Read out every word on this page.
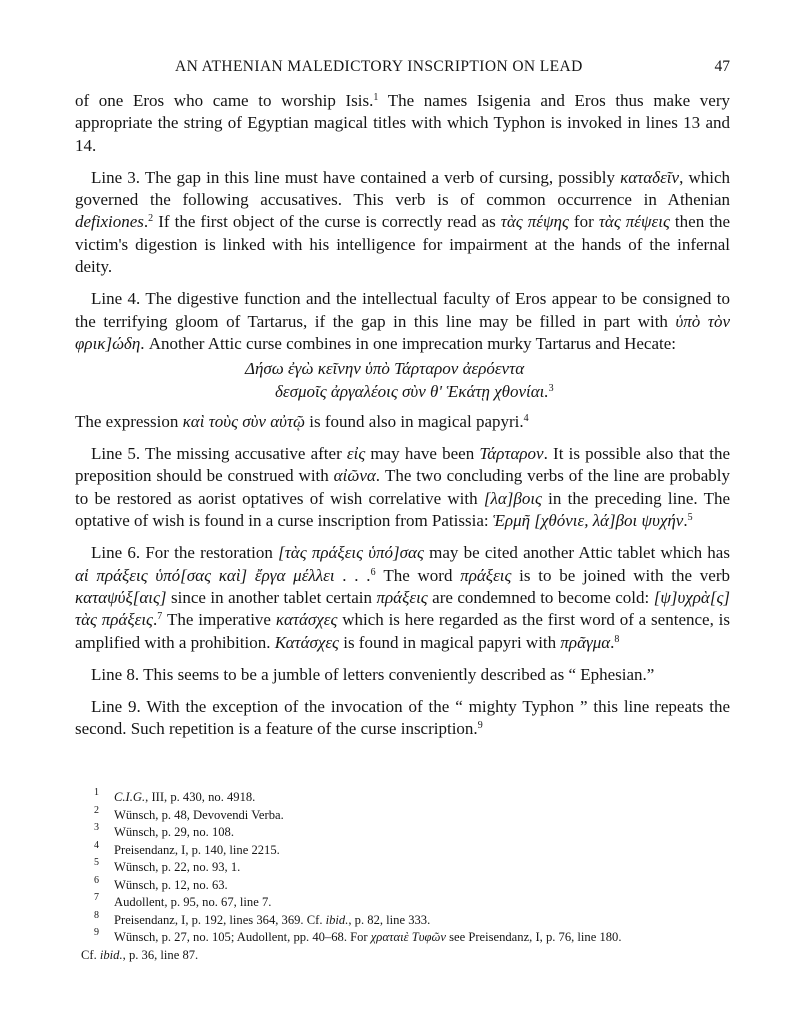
AN ATHENIAN MALEDICTORY INSCRIPTION ON LEAD	47

of one Eros who came to worship Isis.$^1$ The names Isigenia and Eros thus make very appropriate the string of Egyptian magical titles with which Typhon is invoked in lines 13 and 14.

Line 3. The gap in this line must have contained a verb of cursing, possibly καταδεῖν, which governed the following accusatives. This verb is of common occurrence in Athenian defixiones.$^2$ If the first object of the curse is correctly read as τὰς πέψης for τὰς πέψεις then the victim's digestion is linked with his intelligence for impairment at the hands of the infernal deity.

Line 4. The digestive function and the intellectual faculty of Eros appear to be consigned to the terrifying gloom of Tartarus, if the gap in this line may be filled in part with ὑπὸ τὸν φρικ]ώδη. Another Attic curse combines in one imprecation murky Tartarus and Hecate:

Δήσω ἐγὼ κεῖνην ὑπὸ Τάρταρον ἀερόεντα
δεσμοῖς ἀργαλέοις σὺν θ' Ἑκάτῃ χθονίαι.$^3$

The expression καὶ τοὺς σὺν αὐτῷ is found also in magical papyri.$^4$

Line 5. The missing accusative after εἰς may have been Τάρταρον. It is possible also that the preposition should be construed with αἰῶνα. The two concluding verbs of the line are probably to be restored as aorist optatives of wish correlative with [λα]βοις in the preceding line. The optative of wish is found in a curse inscription from Patissia: Ἑρμῆ [χθόνιε, λά]βοι ψυχήν.$^5$

Line 6. For the restoration [τὰς πράξεις ὑπό]σας may be cited another Attic tablet which has αἱ πράξεις ὑπό[σας καὶ] ἔργα μέλλει . . .$^6$ The word πράξεις is to be joined with the verb καταψύξ[αις] since in another tablet certain πράξεις are condemned to become cold: [ψ]υχρὰ[ς] τὰς πράξεις.$^7$ The imperative κατάσχες which is here regarded as the first word of a sentence, is amplified with a prohibition. Κατάσχες is found in magical papyri with πρᾶγμα.$^8$

Line 8. This seems to be a jumble of letters conveniently described as “ Ephesian.”

Line 9. With the exception of the invocation of the “ mighty Typhon ” this line repeats the second. Such repetition is a feature of the curse inscription.$^9$

$^1$ C.I.G., III, p. 430, no. 4918.
$^2$ Wünsch, p. 48, Devovendi Verba.
$^3$ Wünsch, p. 29, no. 108.
$^4$ Preisendanz, I, p. 140, line 2215.
$^5$ Wünsch, p. 22, no. 93, 1.
$^6$ Wünsch, p. 12, no. 63.
$^7$ Audollent, p. 95, no. 67, line 7.
$^8$ Preisendanz, I, p. 192, lines 364, 369. Cf. ibid., p. 82, line 333.
$^9$ Wünsch, p. 27, no. 105; Audollent, pp. 40–68. For χραταιὲ Τυφῶν see Preisendanz, I, p. 76, line 180.
Cf. ibid., p. 36, line 87.
